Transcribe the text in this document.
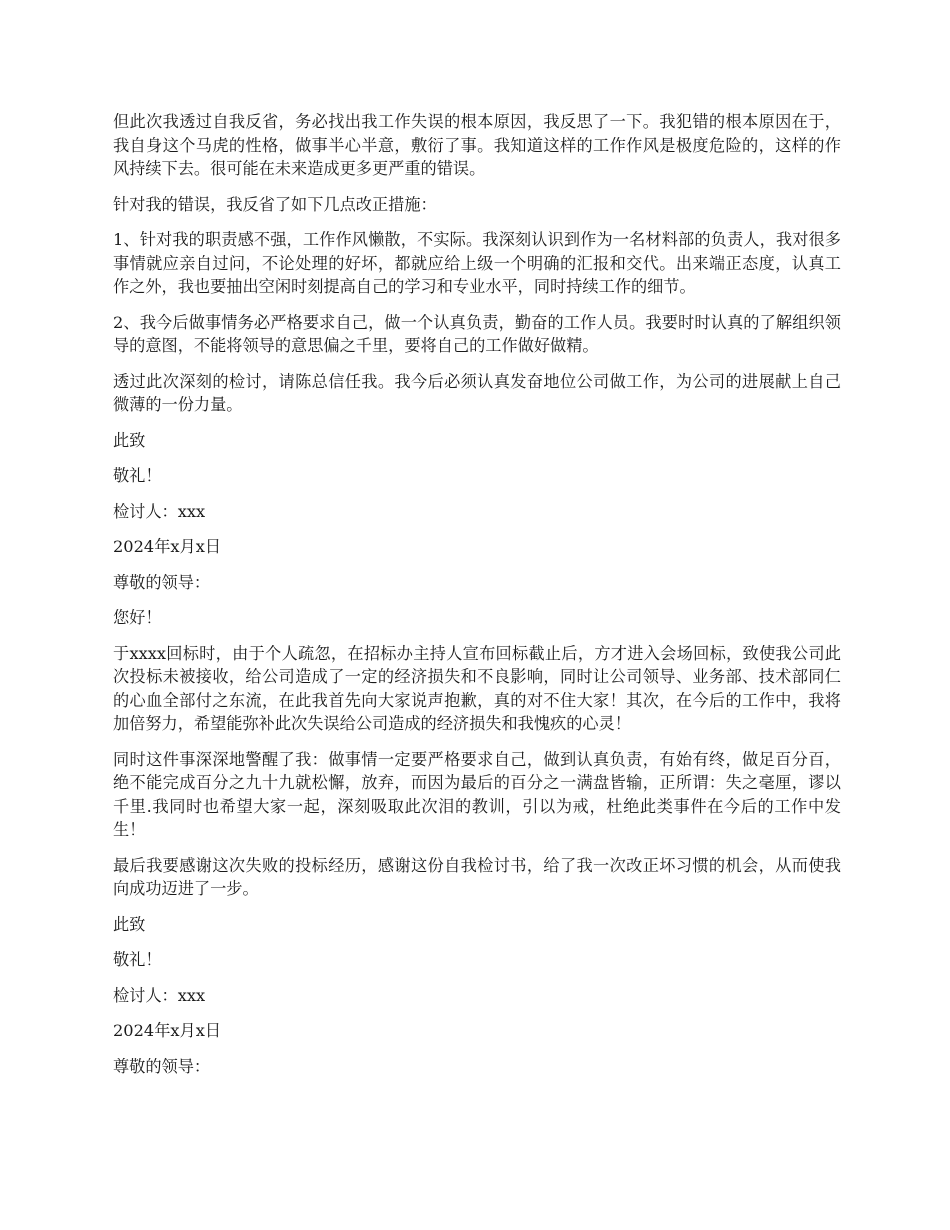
但此次我透过自我反省，务必找出我工作失误的根本原因，我反思了一下。我犯错的根本原因在于，我自身这个马虎的性格，做事半心半意，敷衍了事。我知道这样的工作作风是极度危险的，这样的作风持续下去。很可能在未来造成更多更严重的错误。

针对我的错误，我反省了如下几点改正措施：

1、针对我的职责感不强，工作作风懒散，不实际。我深刻认识到作为一名材料部的负责人，我对很多事情就应亲自过问，不论处理的好坏，都就应给上级一个明确的汇报和交代。出来端正态度，认真工作之外，我也要抽出空闲时刻提高自己的学习和专业水平，同时持续工作的细节。

2、我今后做事情务必严格要求自己，做一个认真负责，勤奋的工作人员。我要时时认真的了解组织领导的意图，不能将领导的意思偏之千里，要将自己的工作做好做精。

透过此次深刻的检讨，请陈总信任我。我今后必须认真发奋地位公司做工作，为公司的进展献上自己微薄的一份力量。

此致

敬礼！

检讨人：xxx

2024年x月x日

尊敬的领导：

您好！

于xxxx回标时，由于个人疏忽，在招标办主持人宣布回标截止后，方才进入会场回标，致使我公司此次投标未被接收，给公司造成了一定的经济损失和不良影响，同时让公司领导、业务部、技术部同仁的心血全部付之东流，在此我首先向大家说声抱歉，真的对不住大家！其次，在今后的工作中，我将加倍努力，希望能弥补此次失误给公司造成的经济损失和我愧疚的心灵！

同时这件事深深地警醒了我：做事情一定要严格要求自己，做到认真负责，有始有终，做足百分百，绝不能完成百分之九十九就松懈，放弃，而因为最后的百分之一满盘皆输，正所谓：失之毫厘，谬以千里.我同时也希望大家一起，深刻吸取此次泪的教训，引以为戒，杜绝此类事件在今后的工作中发生！

最后我要感谢这次失败的投标经历，感谢这份自我检讨书，给了我一次改正坏习惯的机会，从而使我向成功迈进了一步。

此致

敬礼！

检讨人：xxx

2024年x月x日

尊敬的领导：
